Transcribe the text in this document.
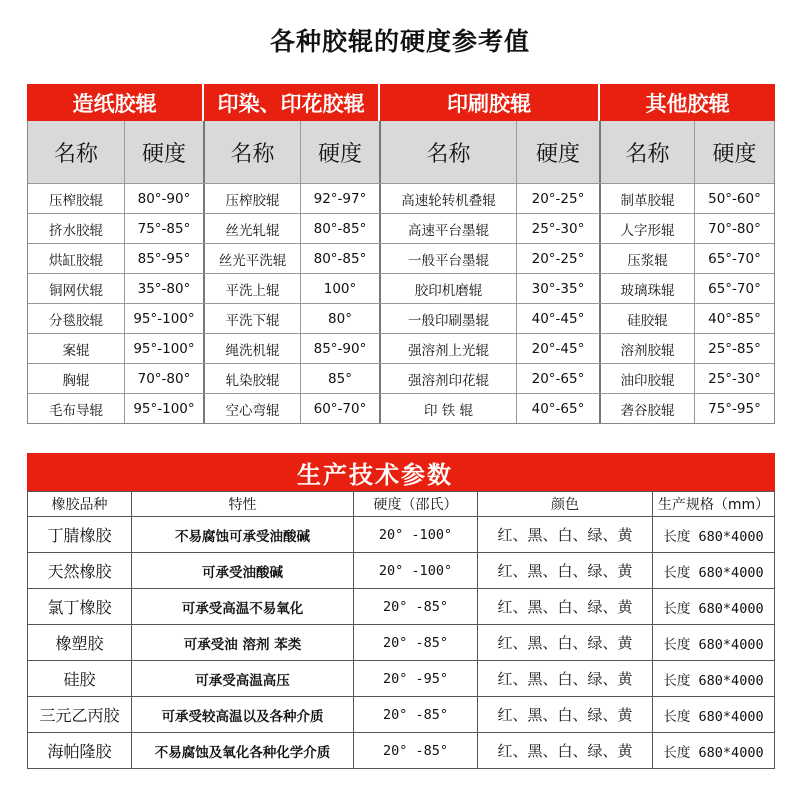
各种胶辊的硬度参考值
造纸胶辊	印染、印花胶辊	印刷胶辊	其他胶辊
名称	硬度	名称	硬度	名称	硬度	名称	硬度
压榨胶辊	80°-90°	压榨胶辊	92°-97°	高速轮转机叠辊	20°-25°	制革胶辊	50°-60°
挤水胶辊	75°-85°	丝光轧辊	80°-85°	高速平台墨辊	25°-30°	人字形辊	70°-80°
烘缸胶辊	85°-95°	丝光平洗辊	80°-85°	一般平台墨辊	20°-25°	压浆辊	65°-70°
铜网伏辊	35°-80°	平洗上辊	100°	胶印机磨辊	30°-35°	玻璃珠辊	65°-70°
分毯胶辊	95°-100°	平洗下辊	80°	一般印刷墨辊	40°-45°	硅胶辊	40°-85°
案辊	95°-100°	绳洗机辊	85°-90°	强溶剂上光辊	20°-45°	溶剂胶辊	25°-85°
胸辊	70°-80°	轧染胶辊	85°	强溶剂印花辊	20°-65°	油印胶辊	25°-30°
毛布导辊	95°-100°	空心弯辊	60°-70°	印 铁 辊	40°-65°	砻谷胶辊	75°-95°
生产技术参数
橡胶品种	特性	硬度（邵氏）	颜色	生产规格（mm）
丁腈橡胶	不易腐蚀可承受油酸碱	20° -100°	红、黑、白、绿、黄	长度 680*4000
天然橡胶	可承受油酸碱	20° -100°	红、黑、白、绿、黄	长度 680*4000
氯丁橡胶	可承受高温不易氧化	20° -85°	红、黑、白、绿、黄	长度 680*4000
橡塑胶	可承受油 溶剂 苯类	20° -85°	红、黑、白、绿、黄	长度 680*4000
硅胶	可承受高温高压	20° -95°	红、黑、白、绿、黄	长度 680*4000
三元乙丙胶	可承受较高温以及各种介质	20° -85°	红、黑、白、绿、黄	长度 680*4000
海帕隆胶	不易腐蚀及氧化各种化学介质	20° -85°	红、黑、白、绿、黄	长度 680*4000
